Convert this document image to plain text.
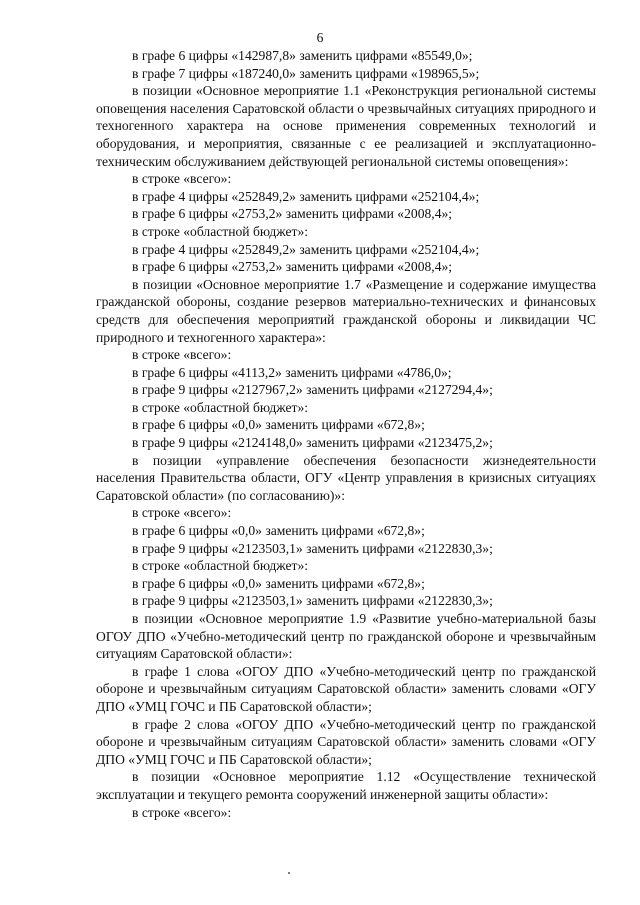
6

в графе 6 цифры «142987,8» заменить цифрами «85549,0»;

в графе 7 цифры «187240,0» заменить цифрами «198965,5»;

в позиции «Основное мероприятие 1.1 «Реконструкция региональной системы оповещения населения Саратовской области о чрезвычайных ситуациях природного и техногенного характера на основе применения современных технологий и оборудования, и мероприятия, связанные с ее реализацией и эксплуатационно-техническим обслуживанием действующей региональной системы оповещения»:

в строке «всего»:

в графе 4 цифры «252849,2» заменить цифрами «252104,4»;

в графе 6 цифры «2753,2» заменить цифрами «2008,4»;

в строке «областной бюджет»:

в графе 4 цифры «252849,2» заменить цифрами «252104,4»;

в графе 6 цифры «2753,2» заменить цифрами «2008,4»;

в позиции «Основное мероприятие 1.7 «Размещение и содержание имущества гражданской обороны, создание резервов материально-технических и финансовых средств для обеспечения мероприятий гражданской обороны и ликвидации ЧС природного и техногенного характера»:

в строке «всего»:

в графе 6 цифры «4113,2» заменить цифрами «4786,0»;

в графе 9 цифры «2127967,2» заменить цифрами «2127294,4»;

в строке «областной бюджет»:

в графе 6 цифры «0,0» заменить цифрами «672,8»;

в графе 9 цифры «2124148,0» заменить цифрами «2123475,2»;

в позиции «управление обеспечения безопасности жизнедеятельности населения Правительства области, ОГУ «Центр управления в кризисных ситуациях Саратовской области» (по согласованию)»:

в строке «всего»:

в графе 6 цифры «0,0» заменить цифрами «672,8»;

в графе 9 цифры «2123503,1» заменить цифрами «2122830,3»;

в строке «областной бюджет»:

в графе 6 цифры «0,0» заменить цифрами «672,8»;

в графе 9 цифры «2123503,1» заменить цифрами «2122830,3»;

в позиции «Основное мероприятие 1.9 «Развитие учебно-материальной базы ОГОУ ДПО «Учебно-методический центр по гражданской обороне и чрезвычайным ситуациям Саратовской области»:

в графе 1 слова «ОГОУ ДПО «Учебно-методический центр по гражданской обороне и чрезвычайным ситуациям Саратовской области» заменить словами «ОГУ ДПО «УМЦ ГОЧС и ПБ Саратовской области»;

в графе 2 слова «ОГОУ ДПО «Учебно-методический центр по гражданской обороне и чрезвычайным ситуациям Саратовской области» заменить словами «ОГУ ДПО «УМЦ ГОЧС и ПБ Саратовской области»;

в позиции «Основное мероприятие 1.12 «Осуществление технической эксплуатации и текущего ремонта сооружений инженерной защиты области»:

в строке «всего»:
